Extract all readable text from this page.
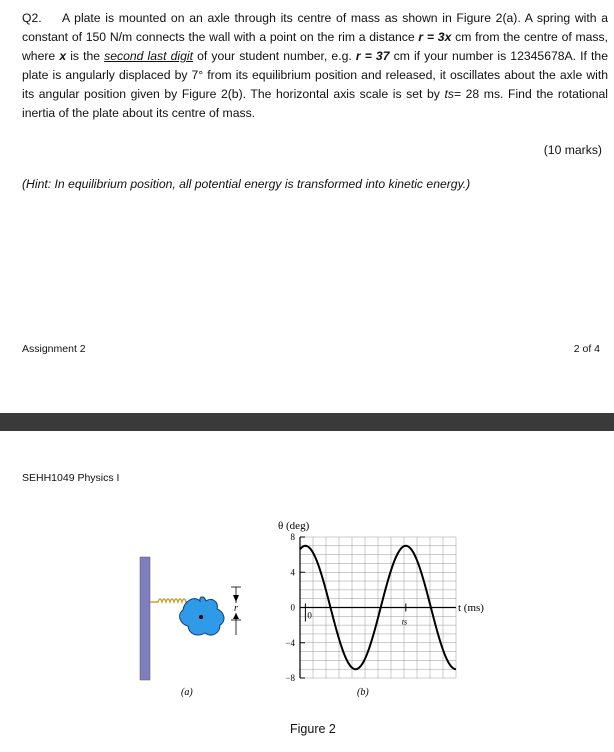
Q2.	A plate is mounted on an axle through its centre of mass as shown in Figure 2(a). A spring with a constant of 150 N/m connects the wall with a point on the rim a distance r = 3x cm from the centre of mass, where x is the second last digit of your student number, e.g. r = 37 cm if your number is 12345678A. If the plate is angularly displaced by 7° from its equilibrium position and released, it oscillates about the axle with its angular position given by Figure 2(b). The horizontal axis scale is set by ts= 28 ms. Find the rotational inertia of the plate about its centre of mass.
(10 marks)
(Hint: In equilibrium position, all potential energy is transformed into kinetic energy.)
Assignment 2	2 of 4
SEHH1049 Physics I
r
(a)
θ (deg)
t (ms)
(b)
8
4
0
−4
−8
0
ts
Figure 2
